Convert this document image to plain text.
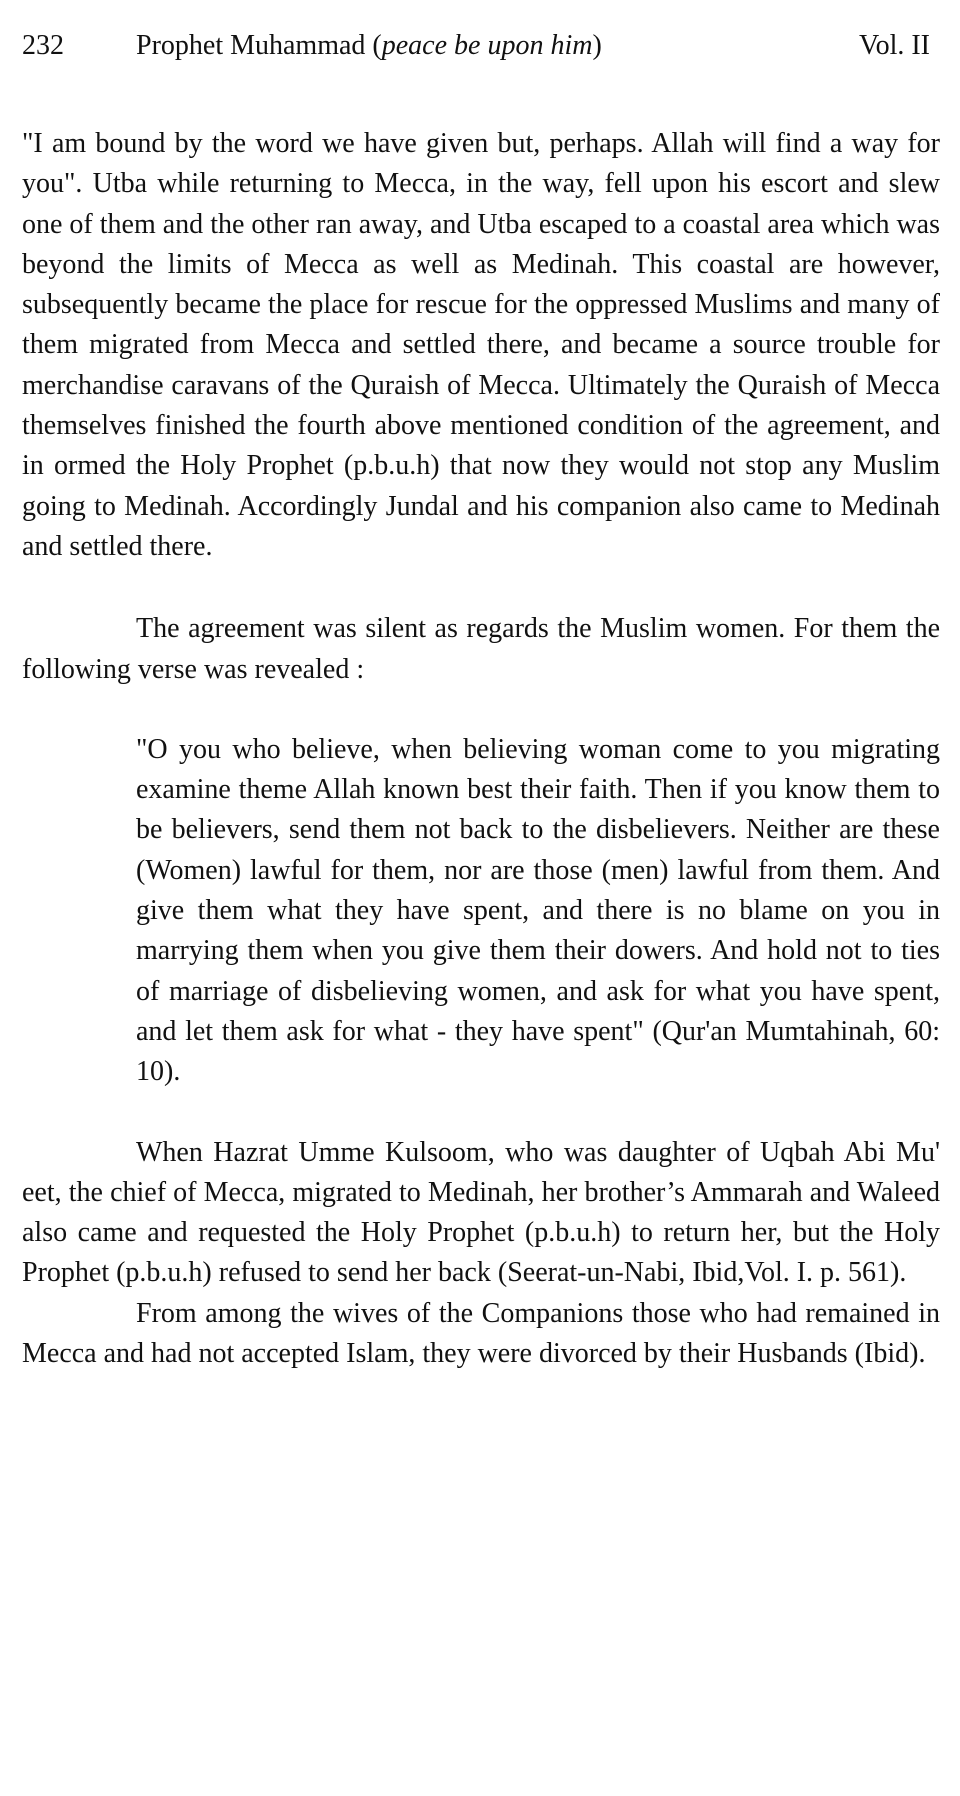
232	Prophet Muhammad (peace be upon him)	Vol. II

"I am bound by the word we have given but, perhaps. Allah will find a way for you". Utba while returning to Mecca, in the way, fell upon his escort and slew one of them and the other ran away, and Utba escaped to a coastal area which was beyond the limits of Mecca as well as Medinah. This coastal are however, subsequently became the place for rescue for the oppressed Muslims and many of them migrated from Mecca and settled there, and became a source trouble for merchandise caravans of the Quraish of Mecca. Ultimately the Quraish of Mecca themselves finished the fourth above mentioned condition of the agreement, and in ormed the Holy Prophet (p.b.u.h) that now they would not stop any Muslim going to Medinah. Accordingly Jundal and his companion also came to Medinah and settled there.

The agreement was silent as regards the Muslim women. For them the following verse was revealed :

"O you who believe, when believing woman come to you migrating examine theme Allah known best their faith. Then if you know them to be believers, send them not back to the disbelievers. Neither are these (Women) lawful for them, nor are those (men) lawful from them. And give them what they have spent, and there is no blame on you in marrying them when you give them their dowers. And hold not to ties of marriage of disbelieving women, and ask for what you have spent, and let them ask for what - they have spent" (Qur'an Mumtahinah, 60: 10).

When Hazrat Umme Kulsoom, who was daughter of Uqbah Abi Mu' eet, the chief of Mecca, migrated to Medinah, her brother’s Ammarah and Waleed also came and requested the Holy Prophet (p.b.u.h) to return her, but the Holy Prophet (p.b.u.h) refused to send her back (Seerat-un-Nabi, Ibid,Vol. I. p. 561).

From among the wives of the Companions those who had remained in Mecca and had not accepted Islam, they were divorced by their Husbands (Ibid).
